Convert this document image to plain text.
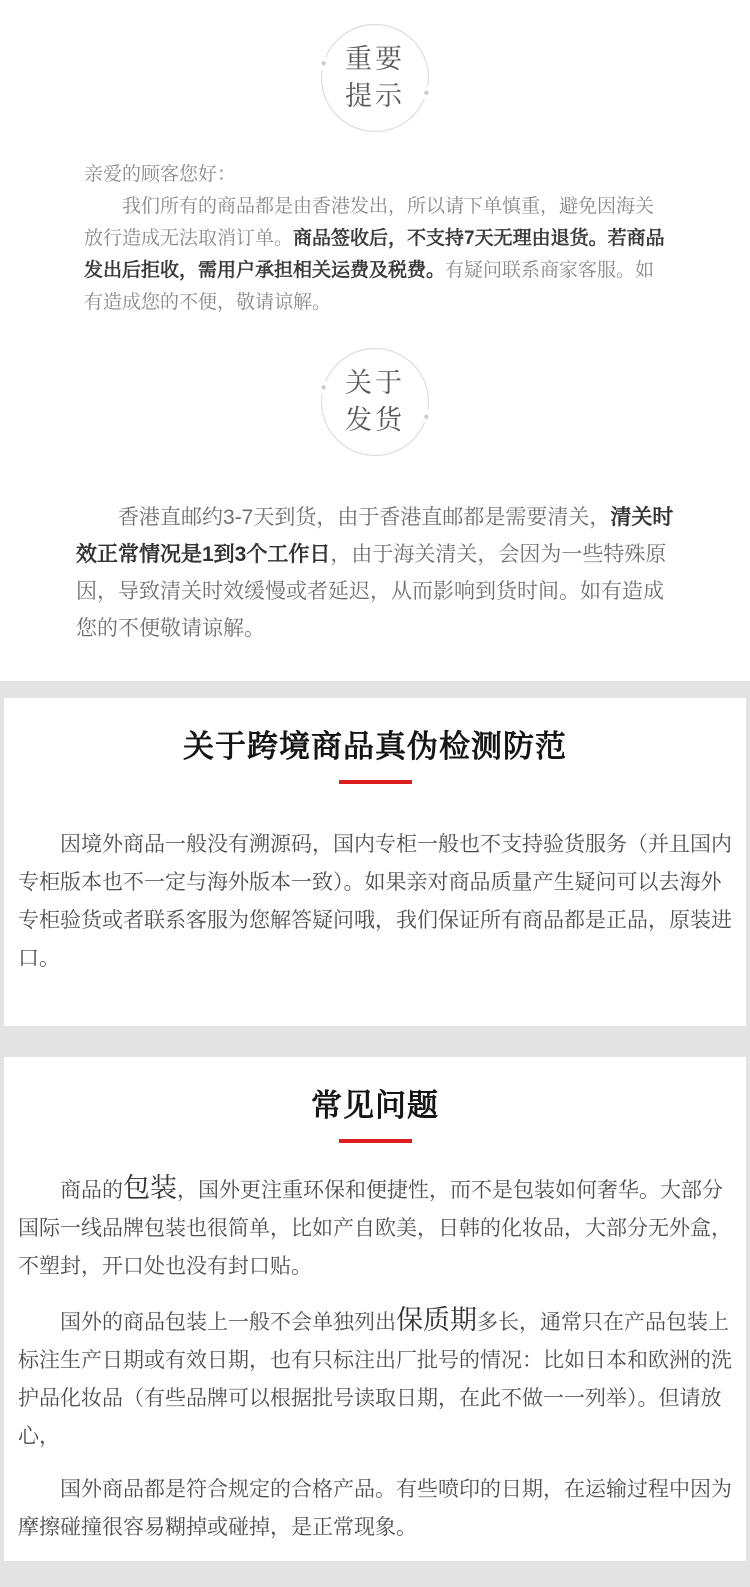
重要
提示

亲爱的顾客您好：

我们所有的商品都是由香港发出，所以请下单慎重，避免因海关放行造成无法取消订单。商品签收后，不支持7天无理由退货。若商品发出后拒收，需用户承担相关运费及税费。有疑问联系商家客服。如有造成您的不便，敬请谅解。

关于
发货

香港直邮约3-7天到货，由于香港直邮都是需要清关，清关时效正常情况是1到3个工作日，由于海关清关，会因为一些特殊原因，导致清关时效缓慢或者延迟，从而影响到货时间。如有造成您的不便敬请谅解。

关于跨境商品真伪检测防范

因境外商品一般没有溯源码，国内专柜一般也不支持验货服务（并且国内专柜版本也不一定与海外版本一致）。如果亲对商品质量产生疑问可以去海外专柜验货或者联系客服为您解答疑问哦，我们保证所有商品都是正品，原装进口。

常见问题

商品的包装，国外更注重环保和便捷性，而不是包装如何奢华。大部分国际一线品牌包装也很简单，比如产自欧美，日韩的化妆品，大部分无外盒，不塑封，开口处也没有封口贴。

国外的商品包装上一般不会单独列出保质期多长，通常只在产品包装上标注生产日期或有效日期，也有只标注出厂批号的情况：比如日本和欧洲的洗护品化妆品（有些品牌可以根据批号读取日期，在此不做一一列举）。但请放心，

国外商品都是符合规定的合格产品。有些喷印的日期，在运输过程中因为摩擦碰撞很容易糊掉或碰掉，是正常现象。
